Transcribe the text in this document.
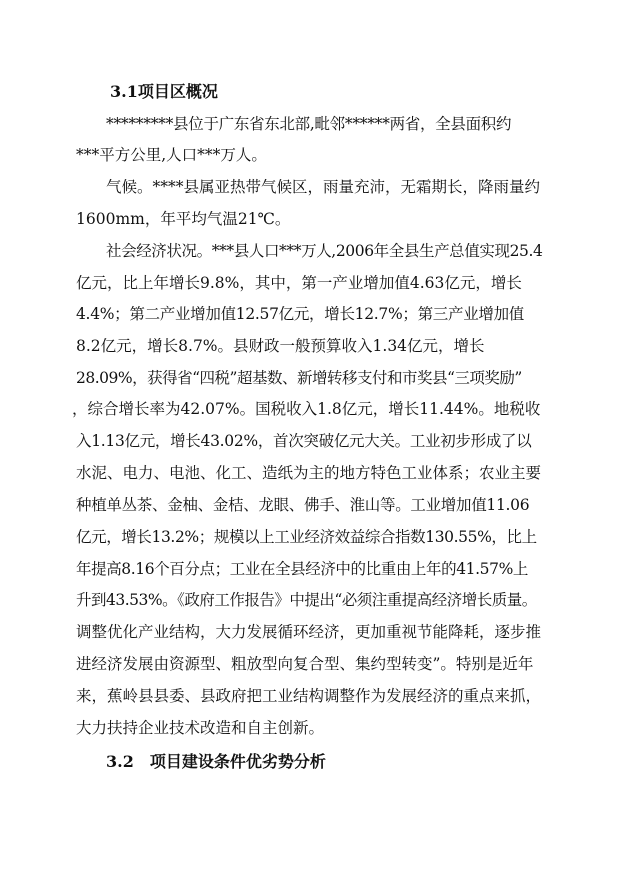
3.1项目区概况
*********县位于广东省东北部,毗邻******两省，全县面积约
***平方公里,人口***万人。
气候。****县属亚热带气候区，雨量充沛，无霜期长，降雨量约
1600mm，年平均气温21℃。
社会经济状况。***县人口***万人,2006年全县生产总值实现25.4
亿元，比上年增长9.8%，其中，第一产业增加值4.63亿元，增长
4.4%；第二产业增加值12.57亿元，增长12.7%；第三产业增加值
8.2亿元，增长8.7%。县财政一般预算收入1.34亿元，增长
28.09%，获得省“四税”超基数、新增转移支付和市奖县“三项奖励”
，综合增长率为42.07%。国税收入1.8亿元，增长11.44%。地税收
入1.13亿元，增长43.02%，首次突破亿元大关。工业初步形成了以
水泥、电力、电池、化工、造纸为主的地方特色工业体系；农业主要
种植单丛茶、金柚、金桔、龙眼、佛手、淮山等。工业增加值11.06
亿元，增长13.2%；规模以上工业经济效益综合指数130.55%，比上
年提高8.16个百分点；工业在全县经济中的比重由上年的41.57%上
升到43.53%。《政府工作报告》中提出“必须注重提高经济增长质量。
调整优化产业结构，大力发展循环经济，更加重视节能降耗，逐步推
进经济发展由资源型、粗放型向复合型、集约型转变”。特别是近年
来，蕉岭县县委、县政府把工业结构调整作为发展经济的重点来抓，
大力扶持企业技术改造和自主创新。
3.2　项目建设条件优劣势分析
